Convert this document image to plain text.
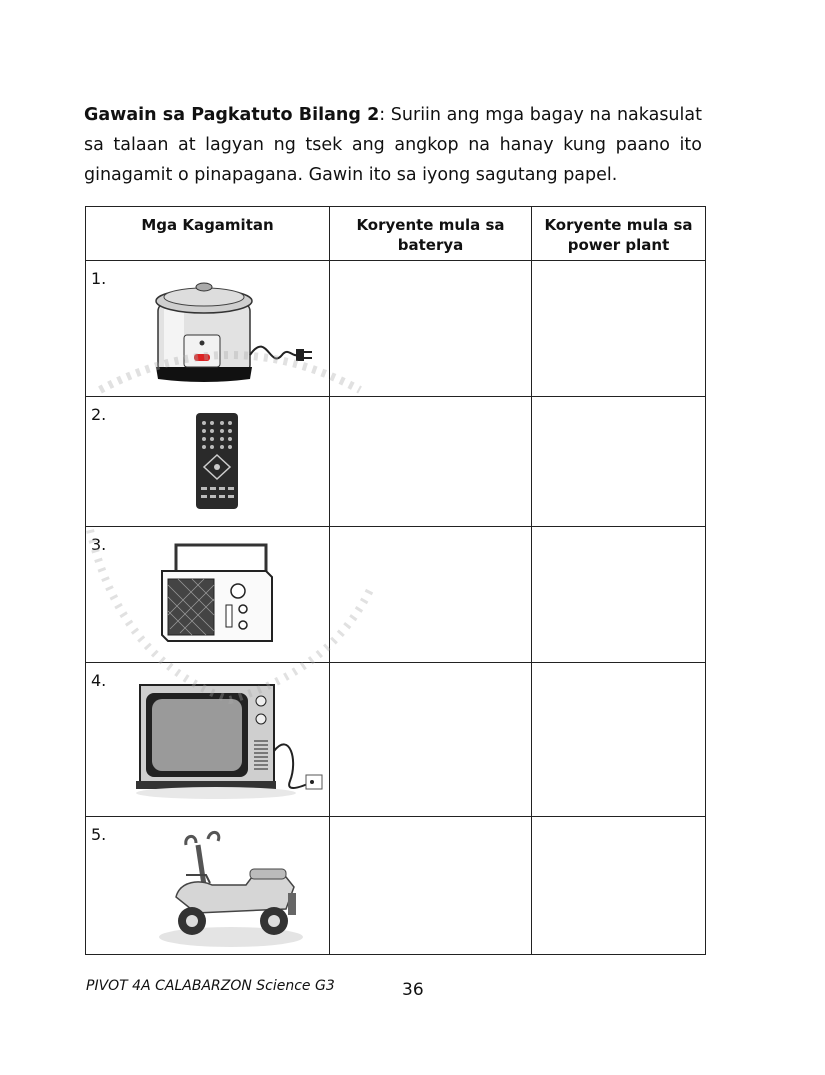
Gawain sa Pagkatuto Bilang 2: Suriin ang mga bagay na nakasulat sa talaan at lagyan ng tsek ang angkop na hanay kung paano ito ginagamit o pinapagana. Gawin ito sa iyong sagutang papel.

Mga Kagamitan	Koryente mula sa baterya	Koryente mula sa power plant

1.		

2.		

3.		

4.		

5.		

PIVOT 4A CALABARZON Science G3	36
